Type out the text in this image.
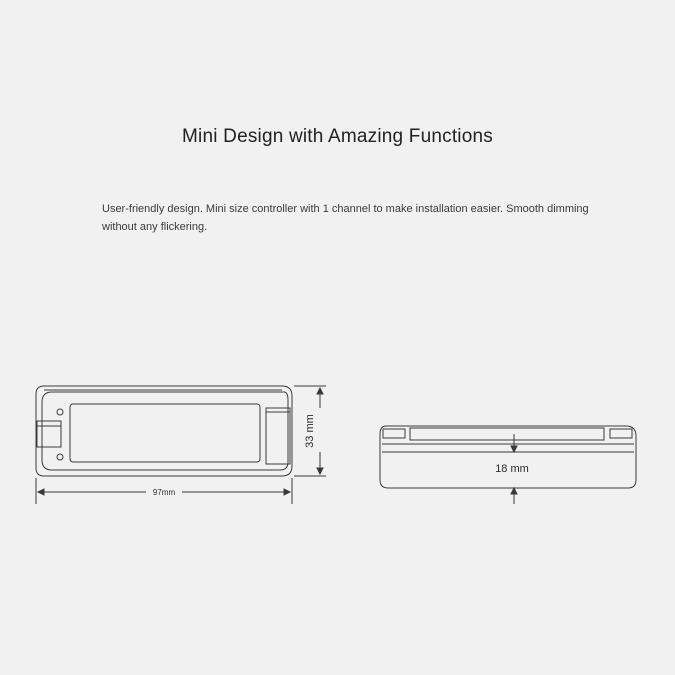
Mini Design with Amazing Functions
User-friendly design. Mini size controller with 1 channel to make installation easier. Smooth dimming without any flickering.
97mm
33 mm
18 mm
